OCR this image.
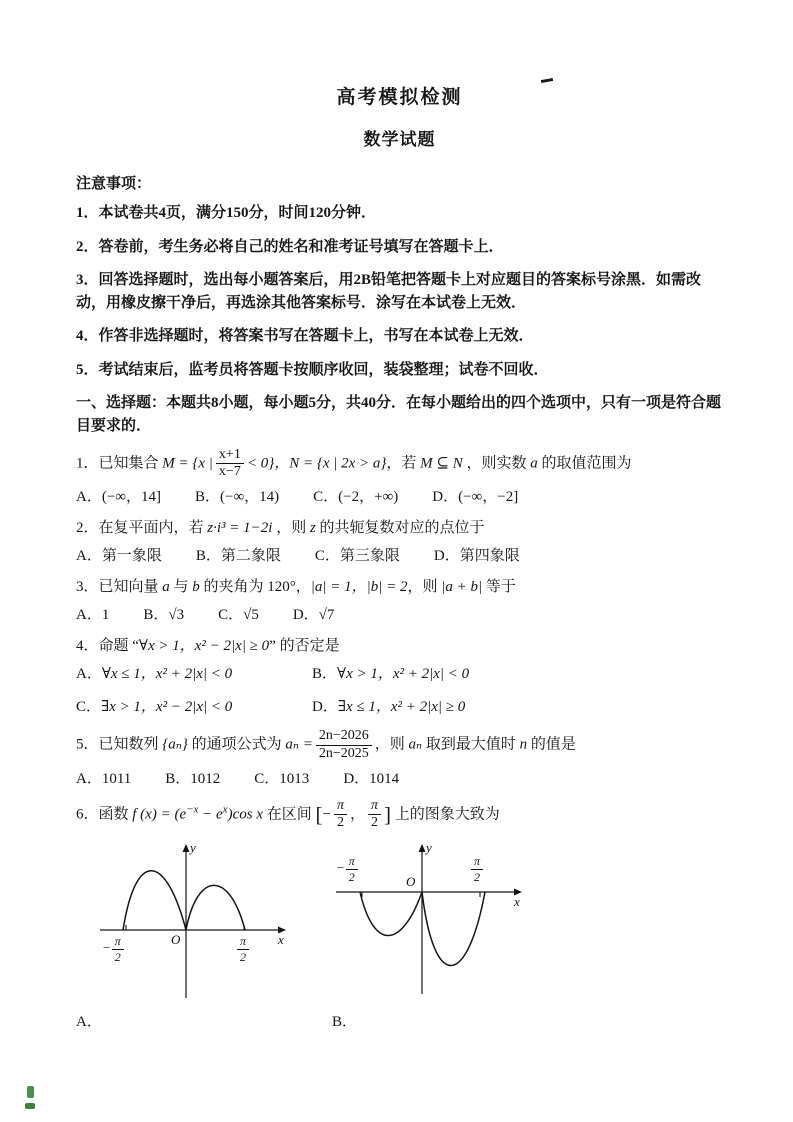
高考模拟检测
数学试题
注意事项：

1．本试卷共4页，满分150分，时间120分钟．

2．答卷前，考生务必将自己的姓名和准考证号填写在答题卡上．

3．回答选择题时，选出每小题答案后，用2B铅笔把答题卡上对应题目的答案标号涂黑．如需改动，用橡皮擦干净后，再选涂其他答案标号．涂写在本试卷上无效．

4．作答非选择题时，将答案书写在答题卡上，书写在本试卷上无效．

5．考试结束后，监考员将答题卡按顺序收回，装袋整理；试卷不回收．

一、选择题：本题共8小题，每小题5分，共40分．在每小题给出的四个选项中，只有一项是符合题目要求的．

1．已知集合 M = {x | $\frac{x+1}{x-7} < 0$}，N = {x | 2x > a}，若 M ⊆ N ，则实数 a 的取值范围为

A．(−∞，14] B．(−∞，14) C．(−2，+∞) D．(−∞，−2]

2．在复平面内，若 z·i³ = 1−2i ，则 z 的共轭复数对应的点位于

A．第一象限 B．第二象限 C．第三象限 D．第四象限

3．已知向量 a 与 b 的夹角为 120°，|a| = 1，|b| = 2，则 |a + b| 等于

A．1 B．√3 C．√5 D．√7

4．命题 “∀x > 1，x² − 2|x| ≥ 0” 的否定是

A．∀x ≤ 1，x² + 2|x| < 0	B．∀x > 1，x² + 2|x| < 0
C．∃x > 1，x² − 2|x| < 0	D．∃x ≤ 1，x² + 2|x| ≥ 0

5．已知数列 {aₙ} 的通项公式为 $a_n = \frac{2n-2026}{2n-2025}$ ，则 aₙ 取到最大值时 n 的值是

A．1011 B．1012 C．1013 D．1014

6．函数 f $(x) = (e^{-x} - e^x)\cos$ x 在区间 [− $\frac{\pi}{2}$ ， $\frac{\pi}{2}$ ] 上的图象大致为

y
x
O
− $\frac{\pi}{2}$	$\frac{\pi}{2}$
y
x
O
− $\frac{\pi}{2}$	$\frac{\pi}{2}$
A．	B．
